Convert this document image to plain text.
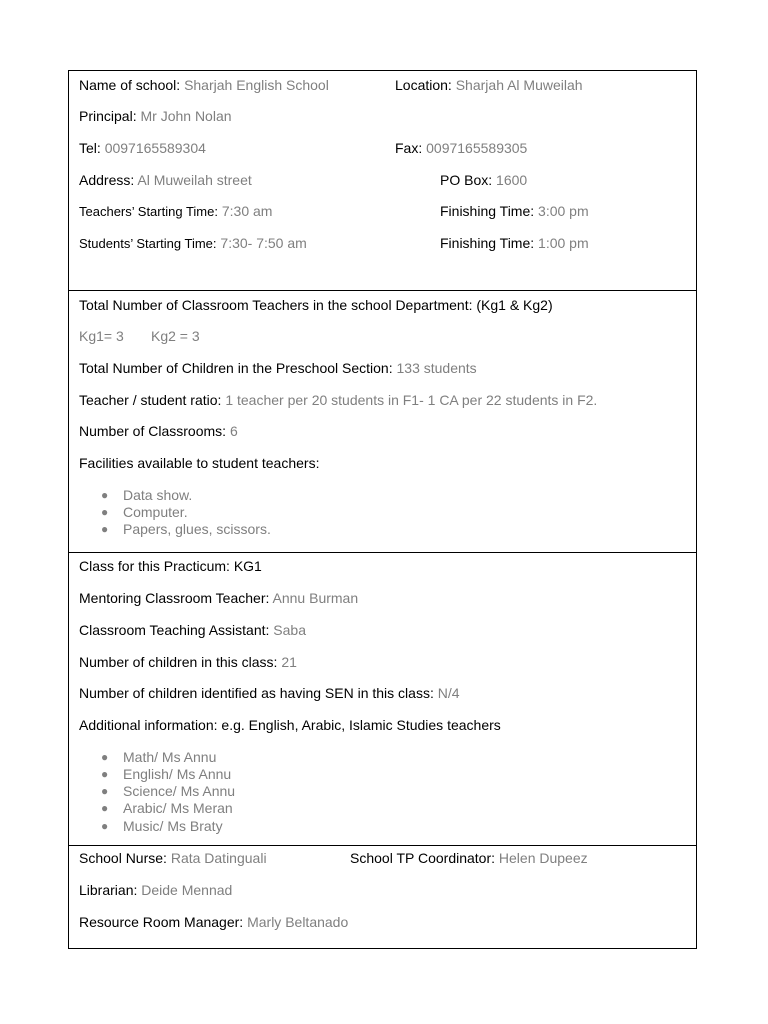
Name of school: Sharjah English School	Location: Sharjah Al Muweilah
Principal: Mr John Nolan
Tel: 0097165589304	Fax: 0097165589305
Address: Al Muweilah street	PO Box: 1600
Teachers’ Starting Time: 7:30 am	Finishing Time: 3:00 pm
Students’ Starting Time: 7:30- 7:50 am	Finishing Time: 1:00 pm
Total Number of Classroom Teachers in the school Department: (Kg1 & Kg2)
Kg1= 3 Kg2 = 3
Total Number of Children in the Preschool Section: 133 students
Teacher / student ratio: 1 teacher per 20 students in F1- 1 CA per 22 students in F2.
Number of Classrooms: 6
Facilities available to student teachers:
● Data show.
● Computer.
● Papers, glues, scissors.
Class for this Practicum: KG1
Mentoring Classroom Teacher: Annu Burman
Classroom Teaching Assistant: Saba
Number of children in this class: 21
Number of children identified as having SEN in this class: N/4
Additional information: e.g. English, Arabic, Islamic Studies teachers
● Math/ Ms Annu
● English/ Ms Annu
● Science/ Ms Annu
● Arabic/ Ms Meran
● Music/ Ms Braty
School Nurse: Rata Datinguali	School TP Coordinator: Helen Dupeez
Librarian: Deide Mennad
Resource Room Manager: Marly Beltanado
